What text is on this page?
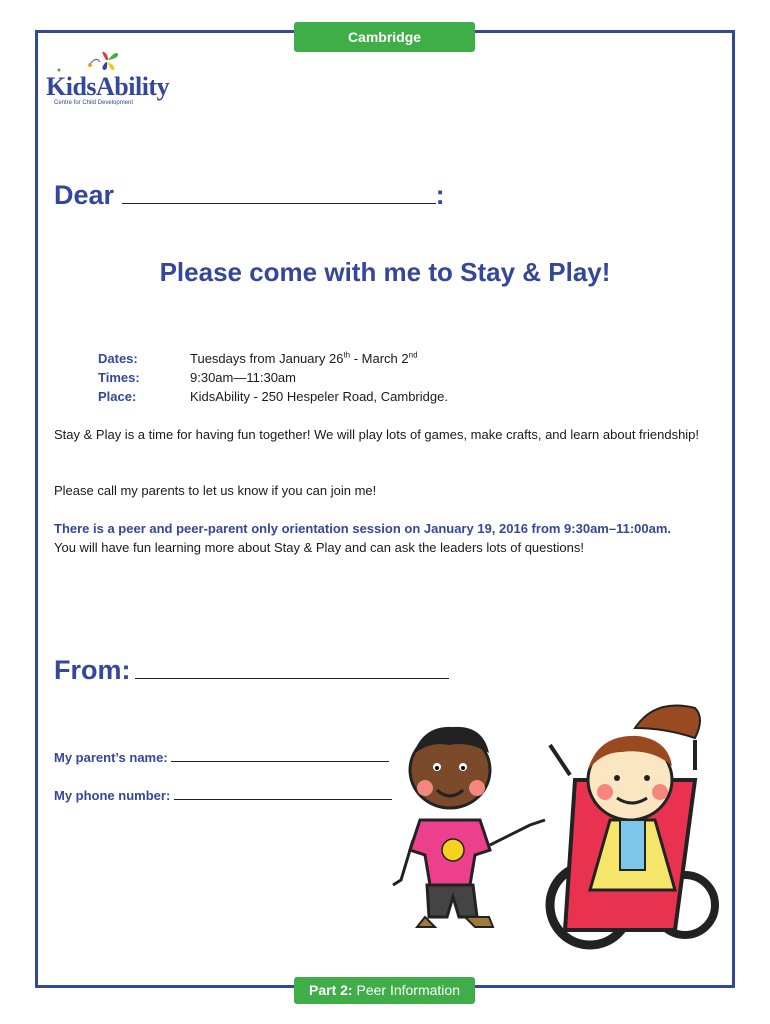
Cambridge
KidsAbility
Centre for Child Development
Dear	:
Please come with me to Stay & Play!
Dates:	Tuesdays from January 26th - March 2nd
Times:	9:30am—11:30am
Place:	KidsAbility - 250 Hespeler Road, Cambridge.
Stay & Play is a time for having fun together! We will play lots of games, make crafts, and learn about friendship!
Please call my parents to let us know if you can join me!
There is a peer and peer-parent only orientation session on January 19, 2016 from 9:30am–11:00am.
You will have fun learning more about Stay & Play and can ask the leaders lots of questions!
From:
My parent’s name:
My phone number:
Part 2: Peer Information
